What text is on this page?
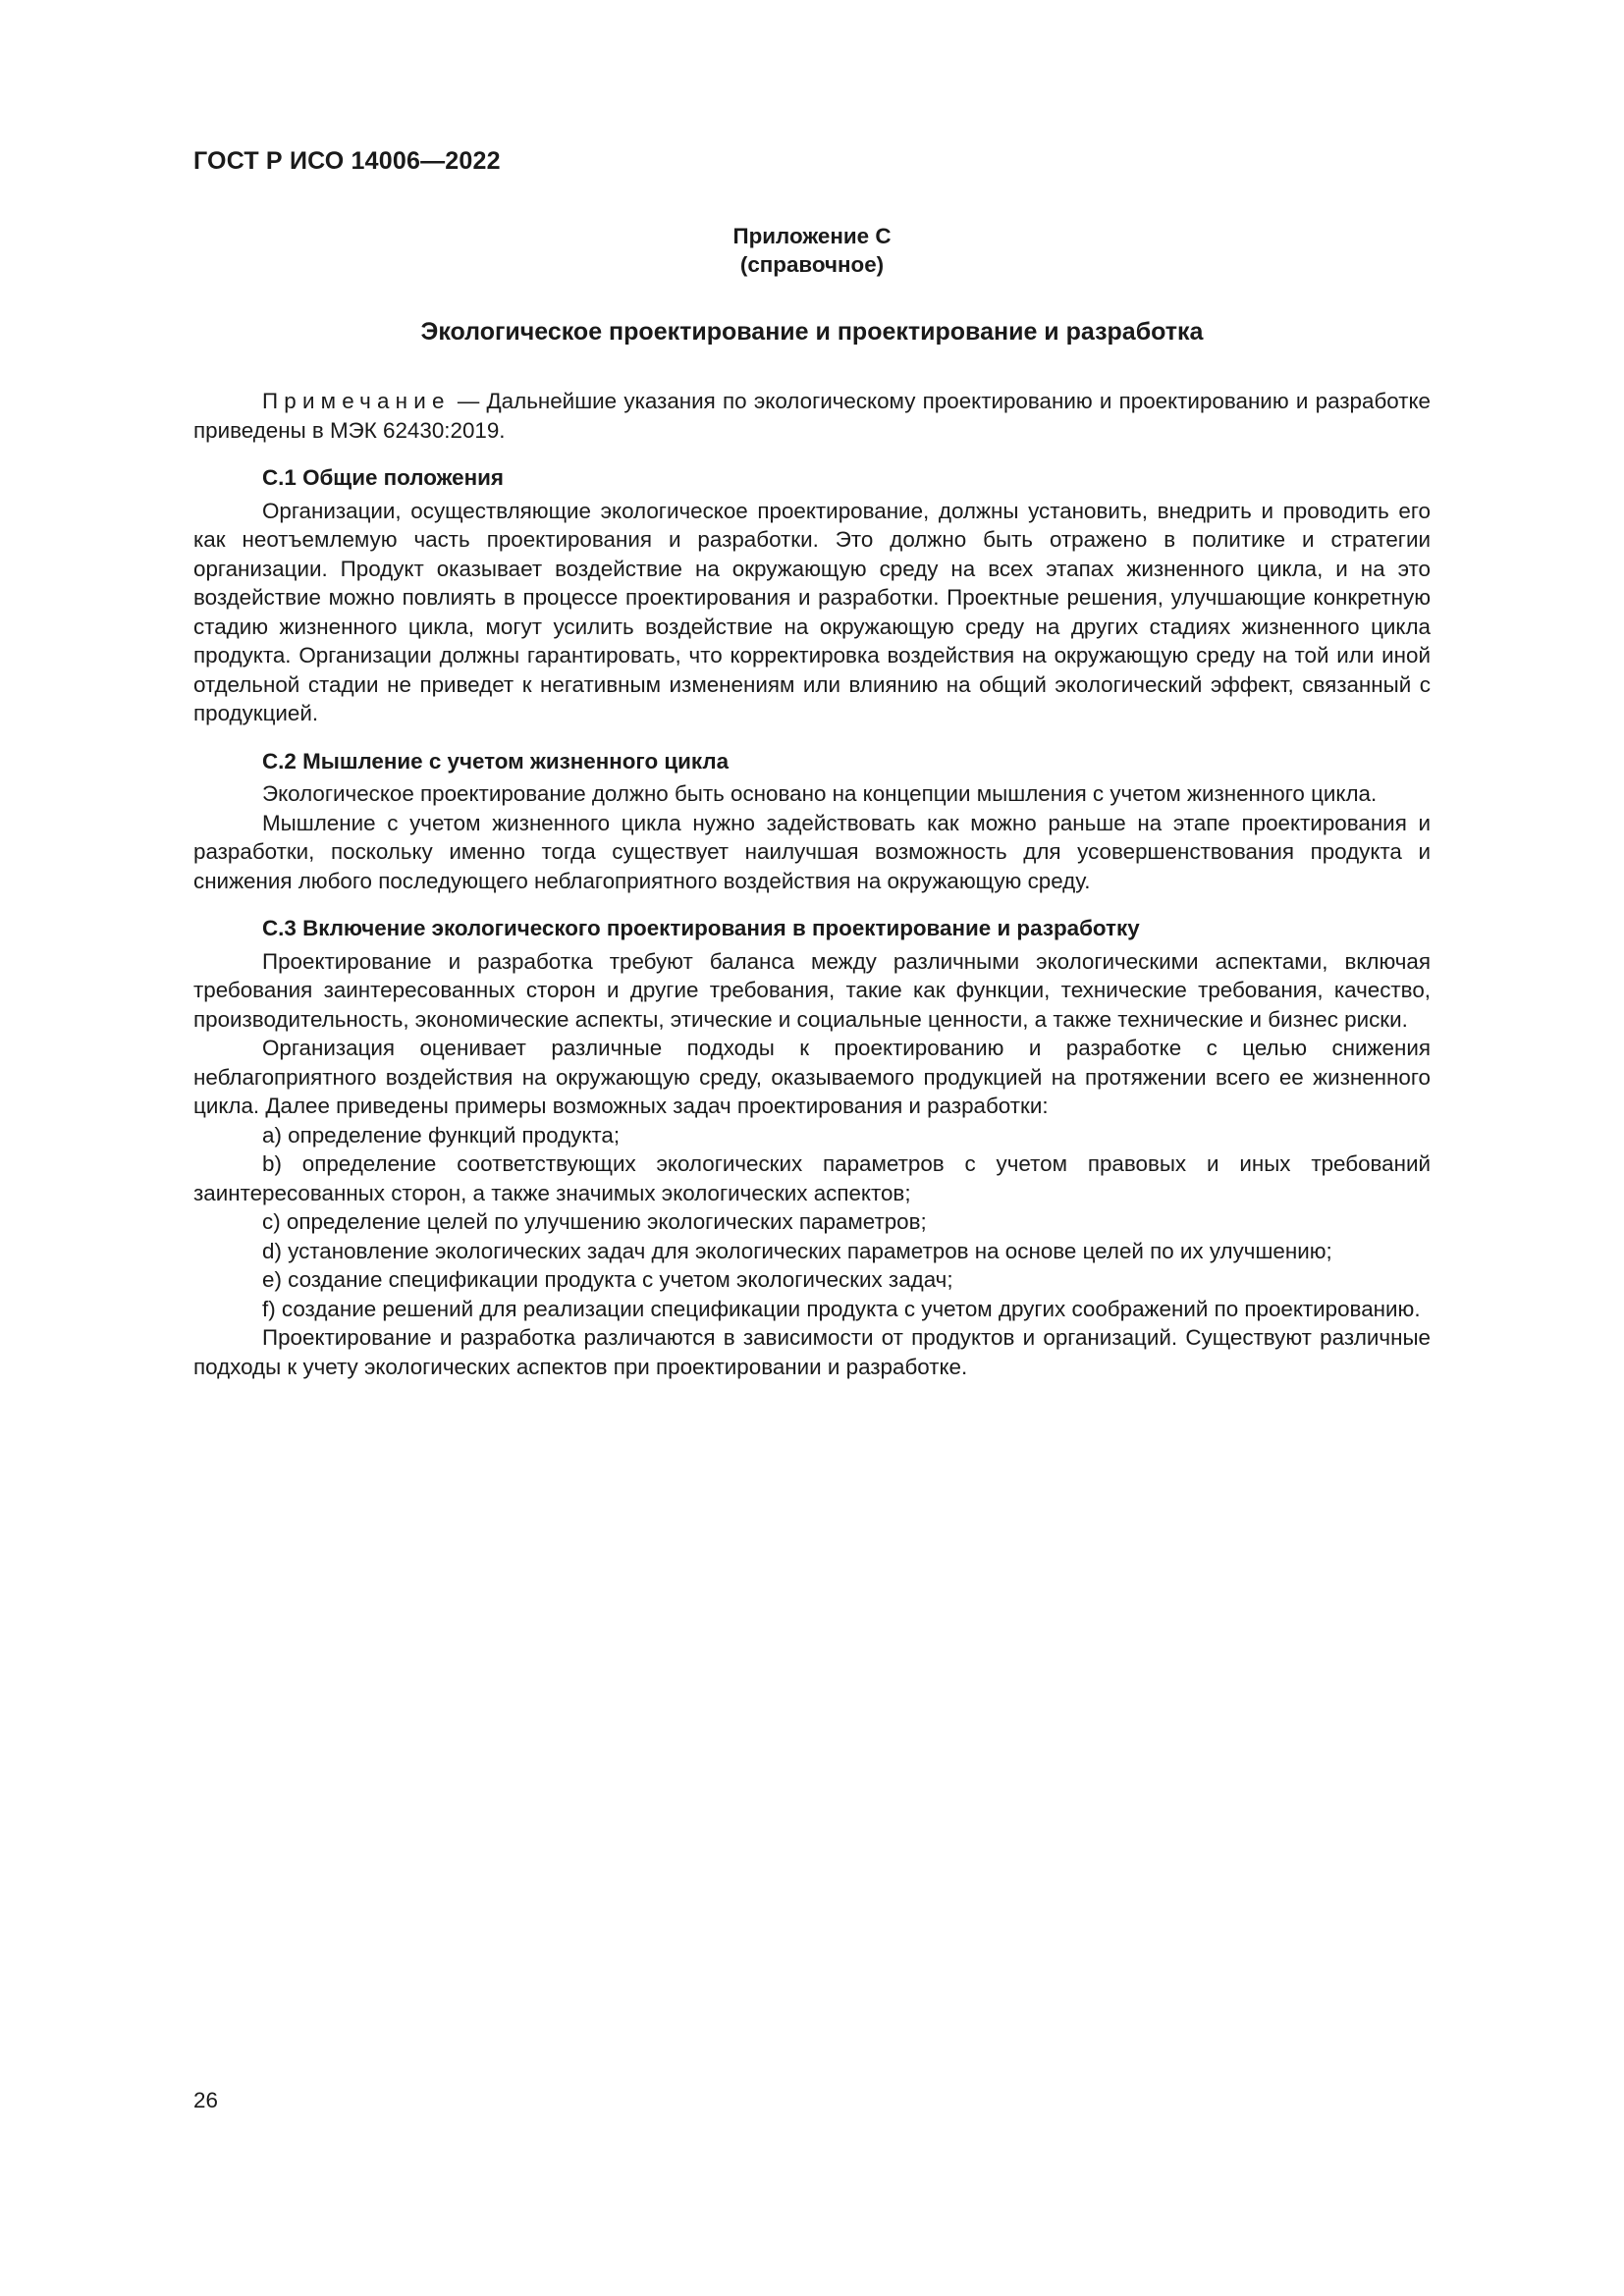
ГОСТ Р ИСО 14006—2022
Приложение С
(справочное)
Экологическое проектирование и проектирование и разработка

Примечание — Дальнейшие указания по экологическому проектированию и проектированию и разработке приведены в МЭК 62430:2019.

С.1 Общие положения

Организации, осуществляющие экологическое проектирование, должны установить, внедрить и проводить его как неотъемлемую часть проектирования и разработки. Это должно быть отражено в политике и стратегии организации. Продукт оказывает воздействие на окружающую среду на всех этапах жизненного цикла, и на это воздействие можно повлиять в процессе проектирования и разработки. Проектные решения, улучшающие конкретную стадию жизненного цикла, могут усилить воздействие на окружающую среду на других стадиях жизненного цикла продукта. Организации должны гарантировать, что корректировка воздействия на окружающую среду на той или иной отдельной стадии не приведет к негативным изменениям или влиянию на общий экологический эффект, связанный с продукцией.

С.2 Мышление с учетом жизненного цикла

Экологическое проектирование должно быть основано на концепции мышления с учетом жизненного цикла.

Мышление с учетом жизненного цикла нужно задействовать как можно раньше на этапе проектирования и разработки, поскольку именно тогда существует наилучшая возможность для усовершенствования продукта и снижения любого последующего неблагоприятного воздействия на окружающую среду.

С.3 Включение экологического проектирования в проектирование и разработку

Проектирование и разработка требуют баланса между различными экологическими аспектами, включая требования заинтересованных сторон и другие требования, такие как функции, технические требования, качество, производительность, экономические аспекты, этические и социальные ценности, а также технические и бизнес риски.

Организация оценивает различные подходы к проектированию и разработке с целью снижения неблагоприятного воздействия на окружающую среду, оказываемого продукцией на протяжении всего ее жизненного цикла. Далее приведены примеры возможных задач проектирования и разработки:

а) определение функций продукта;

b) определение соответствующих экологических параметров с учетом правовых и иных требований заинтересованных сторон, а также значимых экологических аспектов;

с) определение целей по улучшению экологических параметров;

d) установление экологических задач для экологических параметров на основе целей по их улучшению;

е) создание спецификации продукта с учетом экологических задач;

f) создание решений для реализации спецификации продукта с учетом других соображений по проектированию.

Проектирование и разработка различаются в зависимости от продуктов и организаций. Существуют различные подходы к учету экологических аспектов при проектировании и разработке.

26
